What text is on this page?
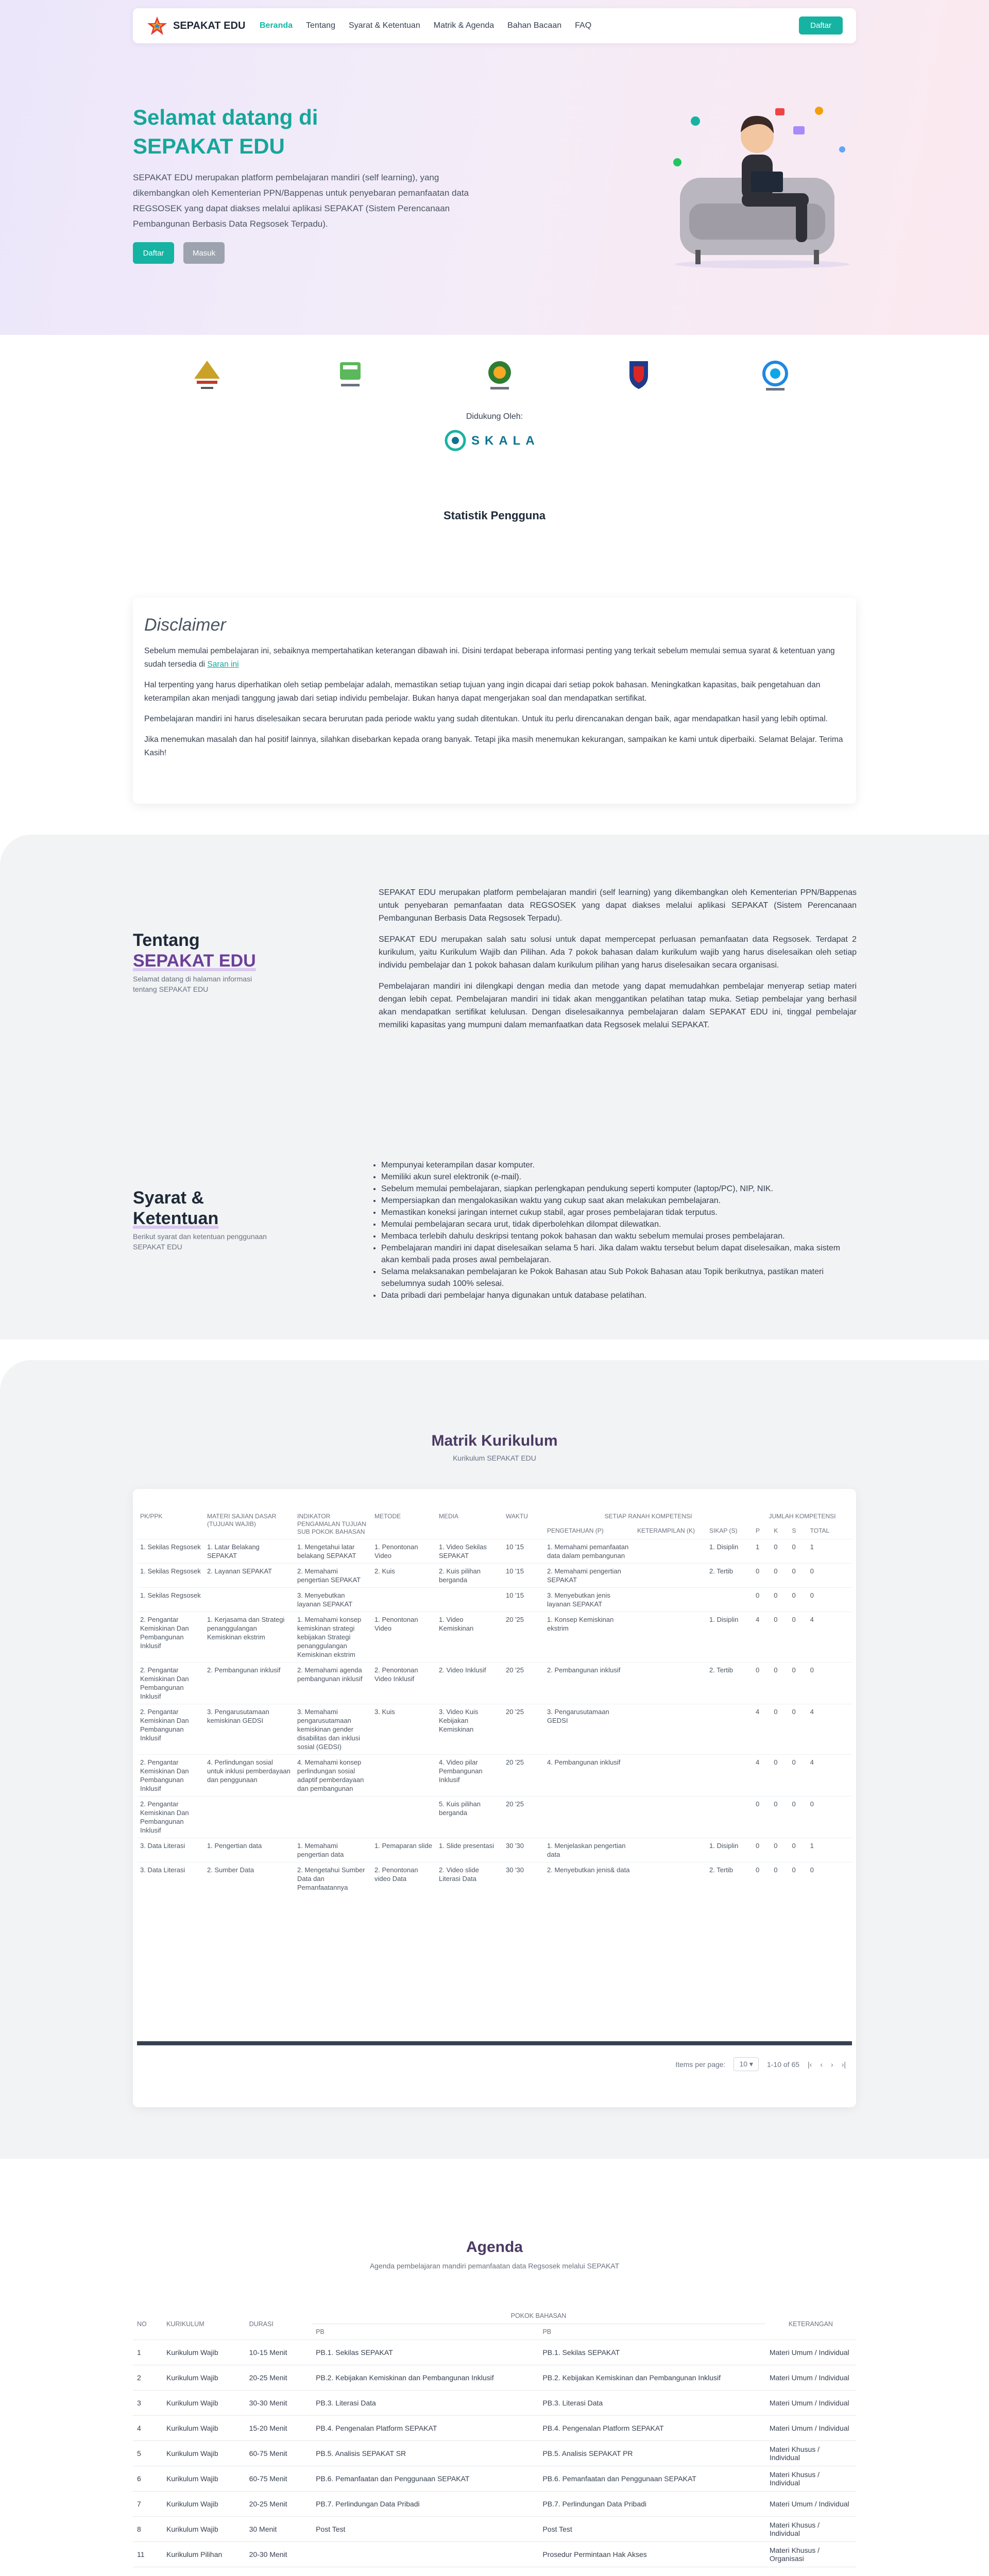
SEPAKAT EDU Beranda Tentang Syarat & Ketentuan Matrik & Agenda Bahan Bacaan FAQ	Daftar
Selamat datang di
SEPAKAT EDU
SEPAKAT EDU merupakan platform pembelajaran mandiri (self learning), yang dikembangkan oleh Kementerian PPN/Bappenas untuk penyebaran pemanfaatan data REGSOSEK yang dapat diakses melalui aplikasi SEPAKAT (Sistem Perencanaan Pembangunan Berbasis Data Regsosek Terpadu).
Daftar	Masuk
Didukung Oleh:
SKALA
Statistik Pengguna
Disclaimer

Sebelum memulai pembelajaran ini, sebaiknya mempertahatikan keterangan dibawah ini. Disini terdapat beberapa informasi penting yang terkait sebelum memulai semua syarat & ketentuan yang sudah tersedia di Saran ini

Hal terpenting yang harus diperhatikan oleh setiap pembelajar adalah, memastikan setiap tujuan yang ingin dicapai dari setiap pokok bahasan. Meningkatkan kapasitas, baik pengetahuan dan keterampilan akan menjadi tanggung jawab dari setiap individu pembelajar. Bukan hanya dapat mengerjakan soal dan mendapatkan sertifikat.

Pembelajaran mandiri ini harus diselesaikan secara berurutan pada periode waktu yang sudah ditentukan. Untuk itu perlu direncanakan dengan baik, agar mendapatkan hasil yang lebih optimal.

Jika menemukan masalah dan hal positif lainnya, silahkan disebarkan kepada orang banyak. Tetapi jika masih menemukan kekurangan, sampaikan ke kami untuk diperbaiki. Selamat Belajar. Terima Kasih!

Tentang
SEPAKAT EDU
Selamat datang di halaman informasi tentang SEPAKAT EDU

SEPAKAT EDU merupakan platform pembelajaran mandiri (self learning) yang dikembangkan oleh Kementerian PPN/Bappenas untuk penyebaran pemanfaatan data REGSOSEK yang dapat diakses melalui aplikasi SEPAKAT (Sistem Perencanaan Pembangunan Berbasis Data Regsosek Terpadu).

SEPAKAT EDU merupakan salah satu solusi untuk dapat mempercepat perluasan pemanfaatan data Regsosek. Terdapat 2 kurikulum, yaitu Kurikulum Wajib dan Pilihan. Ada 7 pokok bahasan dalam kurikulum wajib yang harus diselesaikan oleh setiap individu pembelajar dan 1 pokok bahasan dalam kurikulum pilihan yang harus diselesaikan secara organisasi.

Pembelajaran mandiri ini dilengkapi dengan media dan metode yang dapat memudahkan pembelajar menyerap setiap materi dengan lebih cepat. Pembelajaran mandiri ini tidak akan menggantikan pelatihan tatap muka. Setiap pembelajar yang berhasil akan mendapatkan sertifikat kelulusan. Dengan diselesaikannya pembelajaran dalam SEPAKAT EDU ini, tinggal pembelajar memiliki kapasitas yang mumpuni dalam memanfaatkan data Regsosek melalui SEPAKAT.

Syarat &
Ketentuan
Berikut syarat dan ketentuan penggunaan SEPAKAT EDU
• Mempunyai keterampilan dasar komputer.
• Memiliki akun surel elektronik (e-mail).
• Sebelum memulai pembelajaran, siapkan perlengkapan pendukung seperti komputer (laptop/PC), NIP, NIK.
• Mempersiapkan dan mengalokasikan waktu yang cukup saat akan melakukan pembelajaran.
• Memastikan koneksi jaringan internet cukup stabil, agar proses pembelajaran tidak terputus.
• Memulai pembelajaran secara urut, tidak diperbolehkan dilompat dilewatkan.
• Membaca terlebih dahulu deskripsi tentang pokok bahasan dan waktu sebelum memulai proses pembelajaran.
• Pembelajaran mandiri ini dapat diselesaikan selama 5 hari. Jika dalam waktu tersebut belum dapat diselesaikan, maka sistem akan kembali pada proses awal pembelajaran.
• Selama melaksanakan pembelajaran ke Pokok Bahasan atau Sub Pokok Bahasan atau Topik berikutnya, pastikan materi sebelumnya sudah 100% selesai.
• Data pribadi dari pembelajar hanya digunakan untuk database pelatihan.
Matrik Kurikulum
Kurikulum SEPAKAT EDU
PK/PPK	MATERI SAJIAN DASAR (TUJUAN WAJIB)	INDIKATOR PENGAMALAN TUJUAN SUB POKOK BAHASAN	METODE	MEDIA	WAKTU	SETIAP RANAH KOMPETENSI			JUMLAH KOMPETENSI			
						PENGETAHUAN (P)	KETERAMPILAN (K)	SIKAP (S)	P	K	S	TOTAL
1. Sekilas Regsosek	1. Latar Belakang SEPAKAT	1. Mengetahui latar belakang SEPAKAT	1. Penontonan Video	1. Video Sekilas SEPAKAT	10 '15	1. Memahami pemanfaatan data dalam pembangunan		1. Disiplin	1	0	0	1
1. Sekilas Regsosek	2. Layanan SEPAKAT	2. Memahami pengertian SEPAKAT	2. Kuis	2. Kuis pilihan berganda	10 '15	2. Memahami pengertian SEPAKAT		2. Tertib	0	0	0	0
1. Sekilas Regsosek		3. Menyebutkan layanan SEPAKAT			10 '15	3. Menyebutkan jenis layanan SEPAKAT			0	0	0	0
2. Pengantar Kemiskinan Dan Pembangunan Inklusif	1. Kerjasama dan Strategi penanggulangan Kemiskinan ekstrim	1. Memahami konsep kemiskinan strategi kebijakan Strategi penanggulangan Kemiskinan ekstrim	1. Penontonan Video	1. Video Kemiskinan	20 '25	1. Konsep Kemiskinan ekstrim		1. Disiplin	4	0	0	4
2. Pengantar Kemiskinan Dan Pembangunan Inklusif	2. Pembangunan inklusif	2. Memahami agenda pembangunan inklusif	2. Penontonan Video Inklusif	2. Video Inklusif	20 '25	2. Pembangunan inklusif		2. Tertib	0	0	0	0
2. Pengantar Kemiskinan Dan Pembangunan Inklusif	3. Pengarusutamaan kemiskinan GEDSI	3. Memahami pengarusutamaan kemiskinan gender disabilitas dan inklusi sosial (GEDSI)	3. Kuis	3. Video Kuis Kebijakan Kemiskinan	20 '25	3. Pengarusutamaan GEDSI			4	0	0	4
2. Pengantar Kemiskinan Dan Pembangunan Inklusif	4. Perlindungan sosial untuk inklusi pemberdayaan dan penggunaan	4. Memahami konsep perlindungan sosial adaptif pemberdayaan dan pembangunan		4. Video pilar Pembangunan Inklusif	20 '25	4. Pembangunan inklusif			4	0	0	4
2. Pengantar Kemiskinan Dan Pembangunan Inklusif				5. Kuis pilihan berganda	20 '25				0	0	0	0
3. Data Literasi	1. Pengertian data	1. Memahami pengertian data	1. Pemaparan slide	1. Slide presentasi	30 '30	1. Menjelaskan pengertian data		1. Disiplin	0	0	0	1
3. Data Literasi	2. Sumber Data	2. Mengetahui Sumber Data dan Pemanfaatannya	2. Penontonan video Data	2. Video slide Literasi Data	30 '30	2. Menyebutkan jenis& data		2. Tertib	0	0	0	0
Items per page:	10 ▾	1-10 of 65 |‹ ‹ › ›|
Agenda
Agenda pembelajaran mandiri pemanfaatan data Regsosek melalui SEPAKAT
NO	KURIKULUM	DURASI	POKOK BAHASAN		KETERANGAN
			PB	PB	
1	Kurikulum Wajib	10-15 Menit	PB.1. Sekilas SEPAKAT	PB.1. Sekilas SEPAKAT	Materi Umum / Individual
2	Kurikulum Wajib	20-25 Menit	PB.2. Kebijakan Kemiskinan dan Pembangunan Inklusif	PB.2. Kebijakan Kemiskinan dan Pembangunan Inklusif	Materi Umum / Individual
3	Kurikulum Wajib	30-30 Menit	PB.3. Literasi Data	PB.3. Literasi Data	Materi Umum / Individual
4	Kurikulum Wajib	15-20 Menit	PB.4. Pengenalan Platform SEPAKAT	PB.4. Pengenalan Platform SEPAKAT	Materi Umum / Individual
5	Kurikulum Wajib	60-75 Menit	PB.5. Analisis SEPAKAT SR	PB.5. Analisis SEPAKAT PR	Materi Khusus / Individual
6	Kurikulum Wajib	60-75 Menit	PB.6. Pemanfaatan dan Penggunaan SEPAKAT	PB.6. Pemanfaatan dan Penggunaan SEPAKAT	Materi Khusus / Individual
7	Kurikulum Wajib	20-25 Menit	PB.7. Perlindungan Data Pribadi	PB.7. Perlindungan Data Pribadi	Materi Umum / Individual
8	Kurikulum Wajib	30 Menit	Post Test	Post Test	Materi Khusus / Individual
11	Kurikulum Pilihan	20-30 Menit		Prosedur Permintaan Hak Akses	Materi Khusus / Organisasi
